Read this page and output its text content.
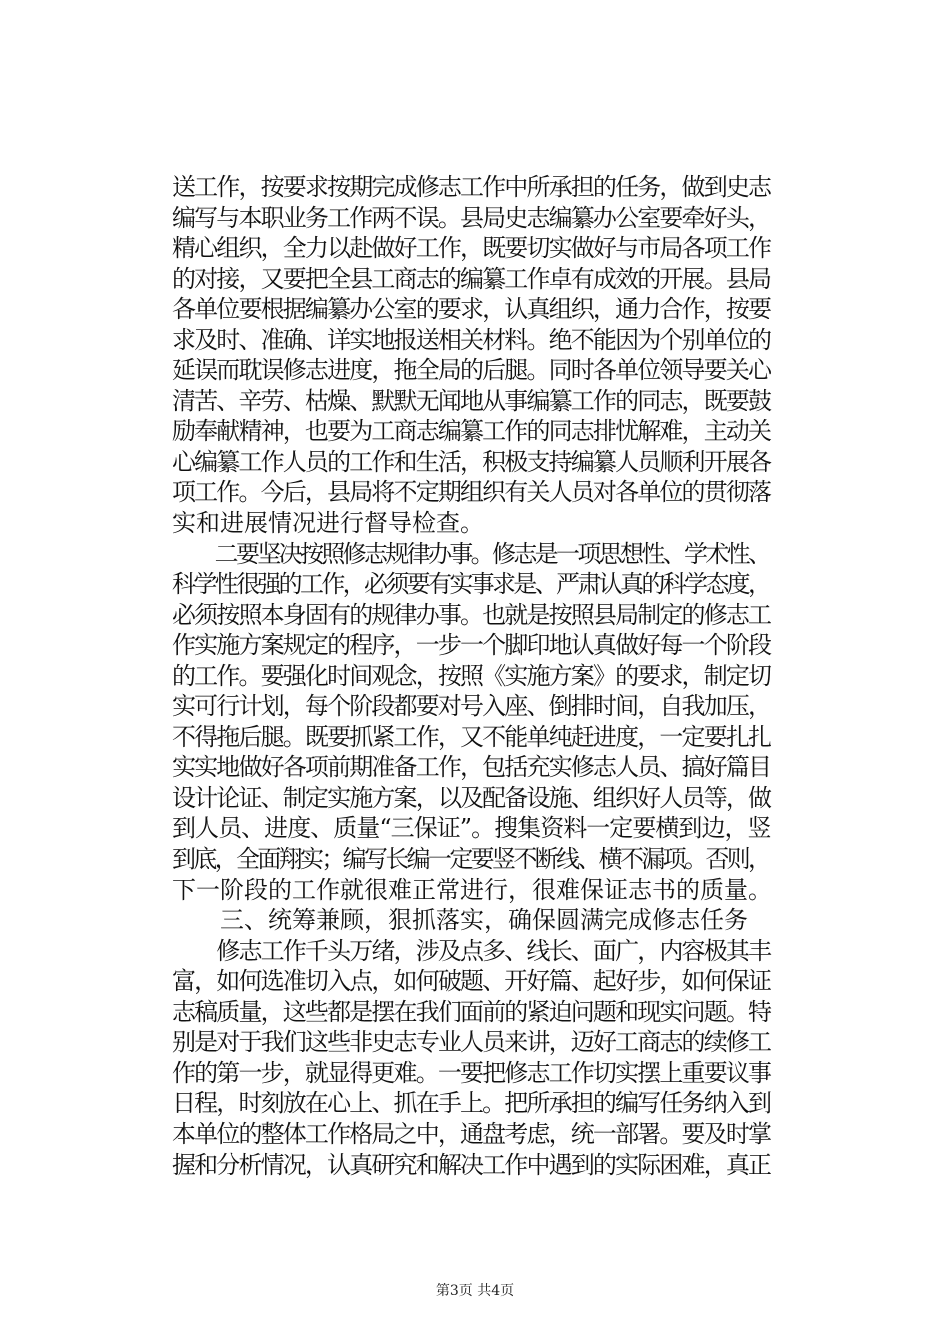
送工作，按要求按期完成修志工作中所承担的任务，做到史志
编写与本职业务工作两不误。县局史志编纂办公室要牵好头，
精心组织，全力以赴做好工作，既要切实做好与市局各项工作
的对接，又要把全县工商志的编纂工作卓有成效的开展。县局
各单位要根据编纂办公室的要求，认真组织，通力合作，按要
求及时、准确、详实地报送相关材料。绝不能因为个别单位的
延误而耽误修志进度，拖全局的后腿。同时各单位领导要关心
清苦、辛劳、枯燥、默默无闻地从事编纂工作的同志，既要鼓
励奉献精神，也要为工商志编纂工作的同志排忧解难，主动关
心编纂工作人员的工作和生活，积极支持编纂人员顺利开展各
项工作。今后，县局将不定期组织有关人员对各单位的贯彻落
实和进展情况进行督导检查。
　　二要坚决按照修志规律办事。修志是一项思想性、学术性、
科学性很强的工作，必须要有实事求是、严肃认真的科学态度，
必须按照本身固有的规律办事。也就是按照县局制定的修志工
作实施方案规定的程序，一步一个脚印地认真做好每一个阶段
的工作。要强化时间观念，按照《实施方案》的要求，制定切
实可行计划，每个阶段都要对号入座、倒排时间，自我加压，
不得拖后腿。既要抓紧工作，又不能单纯赶进度，一定要扎扎
实实地做好各项前期准备工作，包括充实修志人员、搞好篇目
设计论证、制定实施方案，以及配备设施、组织好人员等，做
到人员、进度、质量“三保证”。搜集资料一定要横到边，竖
到底，全面翔实；编写长编一定要竖不断线、横不漏项。否则，
下一阶段的工作就很难正常进行，很难保证志书的质量。
　　三、统筹兼顾，狠抓落实，确保圆满完成修志任务
　　修志工作千头万绪，涉及点多、线长、面广，内容极其丰
富，如何选准切入点，如何破题、开好篇、起好步，如何保证
志稿质量，这些都是摆在我们面前的紧迫问题和现实问题。特
别是对于我们这些非史志专业人员来讲，迈好工商志的续修工
作的第一步，就显得更难。一要把修志工作切实摆上重要议事
日程，时刻放在心上、抓在手上。把所承担的编写任务纳入到
本单位的整体工作格局之中，通盘考虑，统一部署。要及时掌
握和分析情况，认真研究和解决工作中遇到的实际困难，真正
第3页 共4页
